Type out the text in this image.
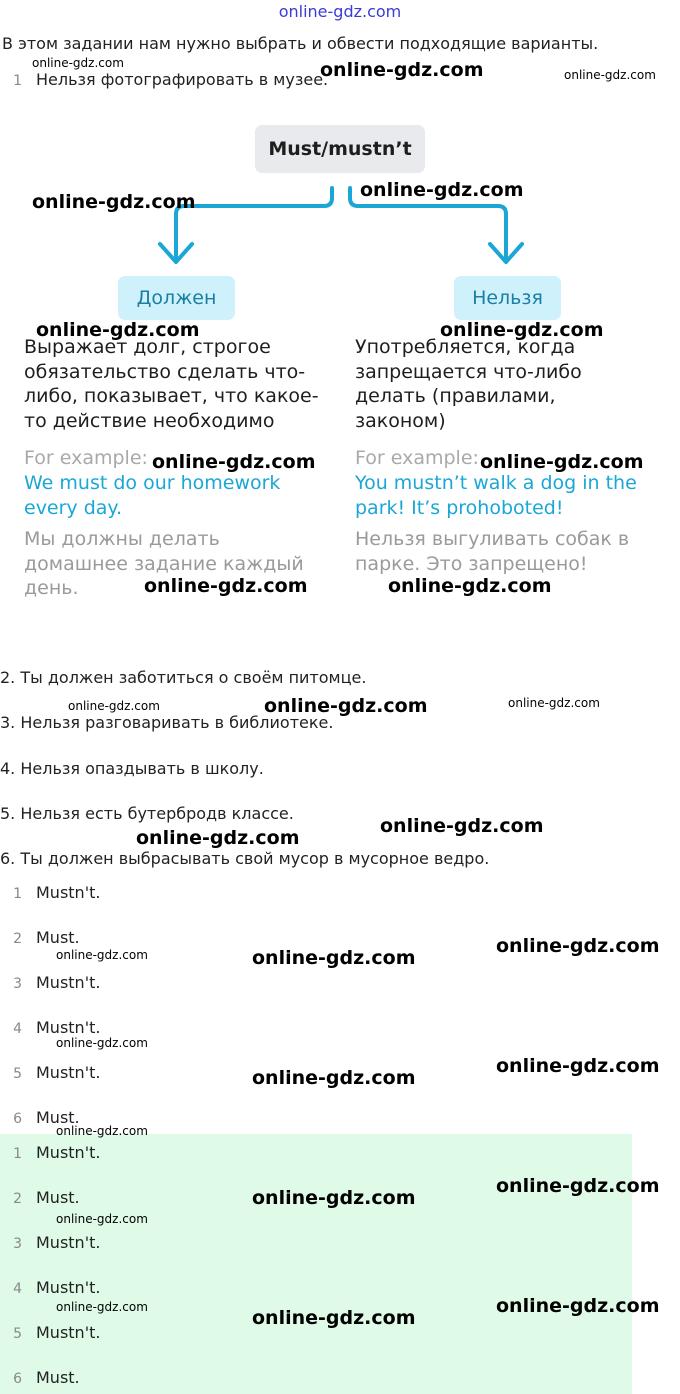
online-gdz.com
В этом задании нам нужно выбрать и обвести подходящие варианты.
1 Нельзя фотографировать в музее.
Must/mustn’t
Должен	Нельзя
Выражает долг, строгое обязательство сделать что-либо, показывает, что какое-то действие необходимо
For example:
We must do our homework every day.
Мы должны делать домашнее задание каждый день.
Употребляется, когда запрещается что-либо делать (правилами, законом)
For example:
You mustn’t walk a dog in the park! It’s prohoboted!
Нельзя выгуливать собак в парке. Это запрещено!
2. Ты должен заботиться о своём питомце.
3. Нельзя разговаривать в библиотеке.
4. Нельзя опаздывать в школу.
5. Нельзя есть бутербродв классе.
6. Ты должен выбрасывать свой мусор в мусорное ведро.
1 Mustn't.
2 Must.
3 Mustn't.
4 Mustn't.
5 Mustn't.
6 Must.
1 Mustn't.
2 Must.
3 Mustn't.
4 Mustn't.
5 Mustn't.
6 Must.
online-gdz.com	online-gdz.com	online-gdz.com
online-gdz.com
online-gdz.com
online-gdz.com	online-gdz.com
online-gdz.com	online-gdz.com
online-gdz.com	online-gdz.com
online-gdz.com	online-gdz.com	online-gdz.com
online-gdz.com
online-gdz.com
online-gdz.com	online-gdz.com
online-gdz.com
online-gdz.com
online-gdz.com
online-gdz.com
online-gdz.com
online-gdz.com
online-gdz.com
online-gdz.com
online-gdz.com	online-gdz.com
online-gdz.com
